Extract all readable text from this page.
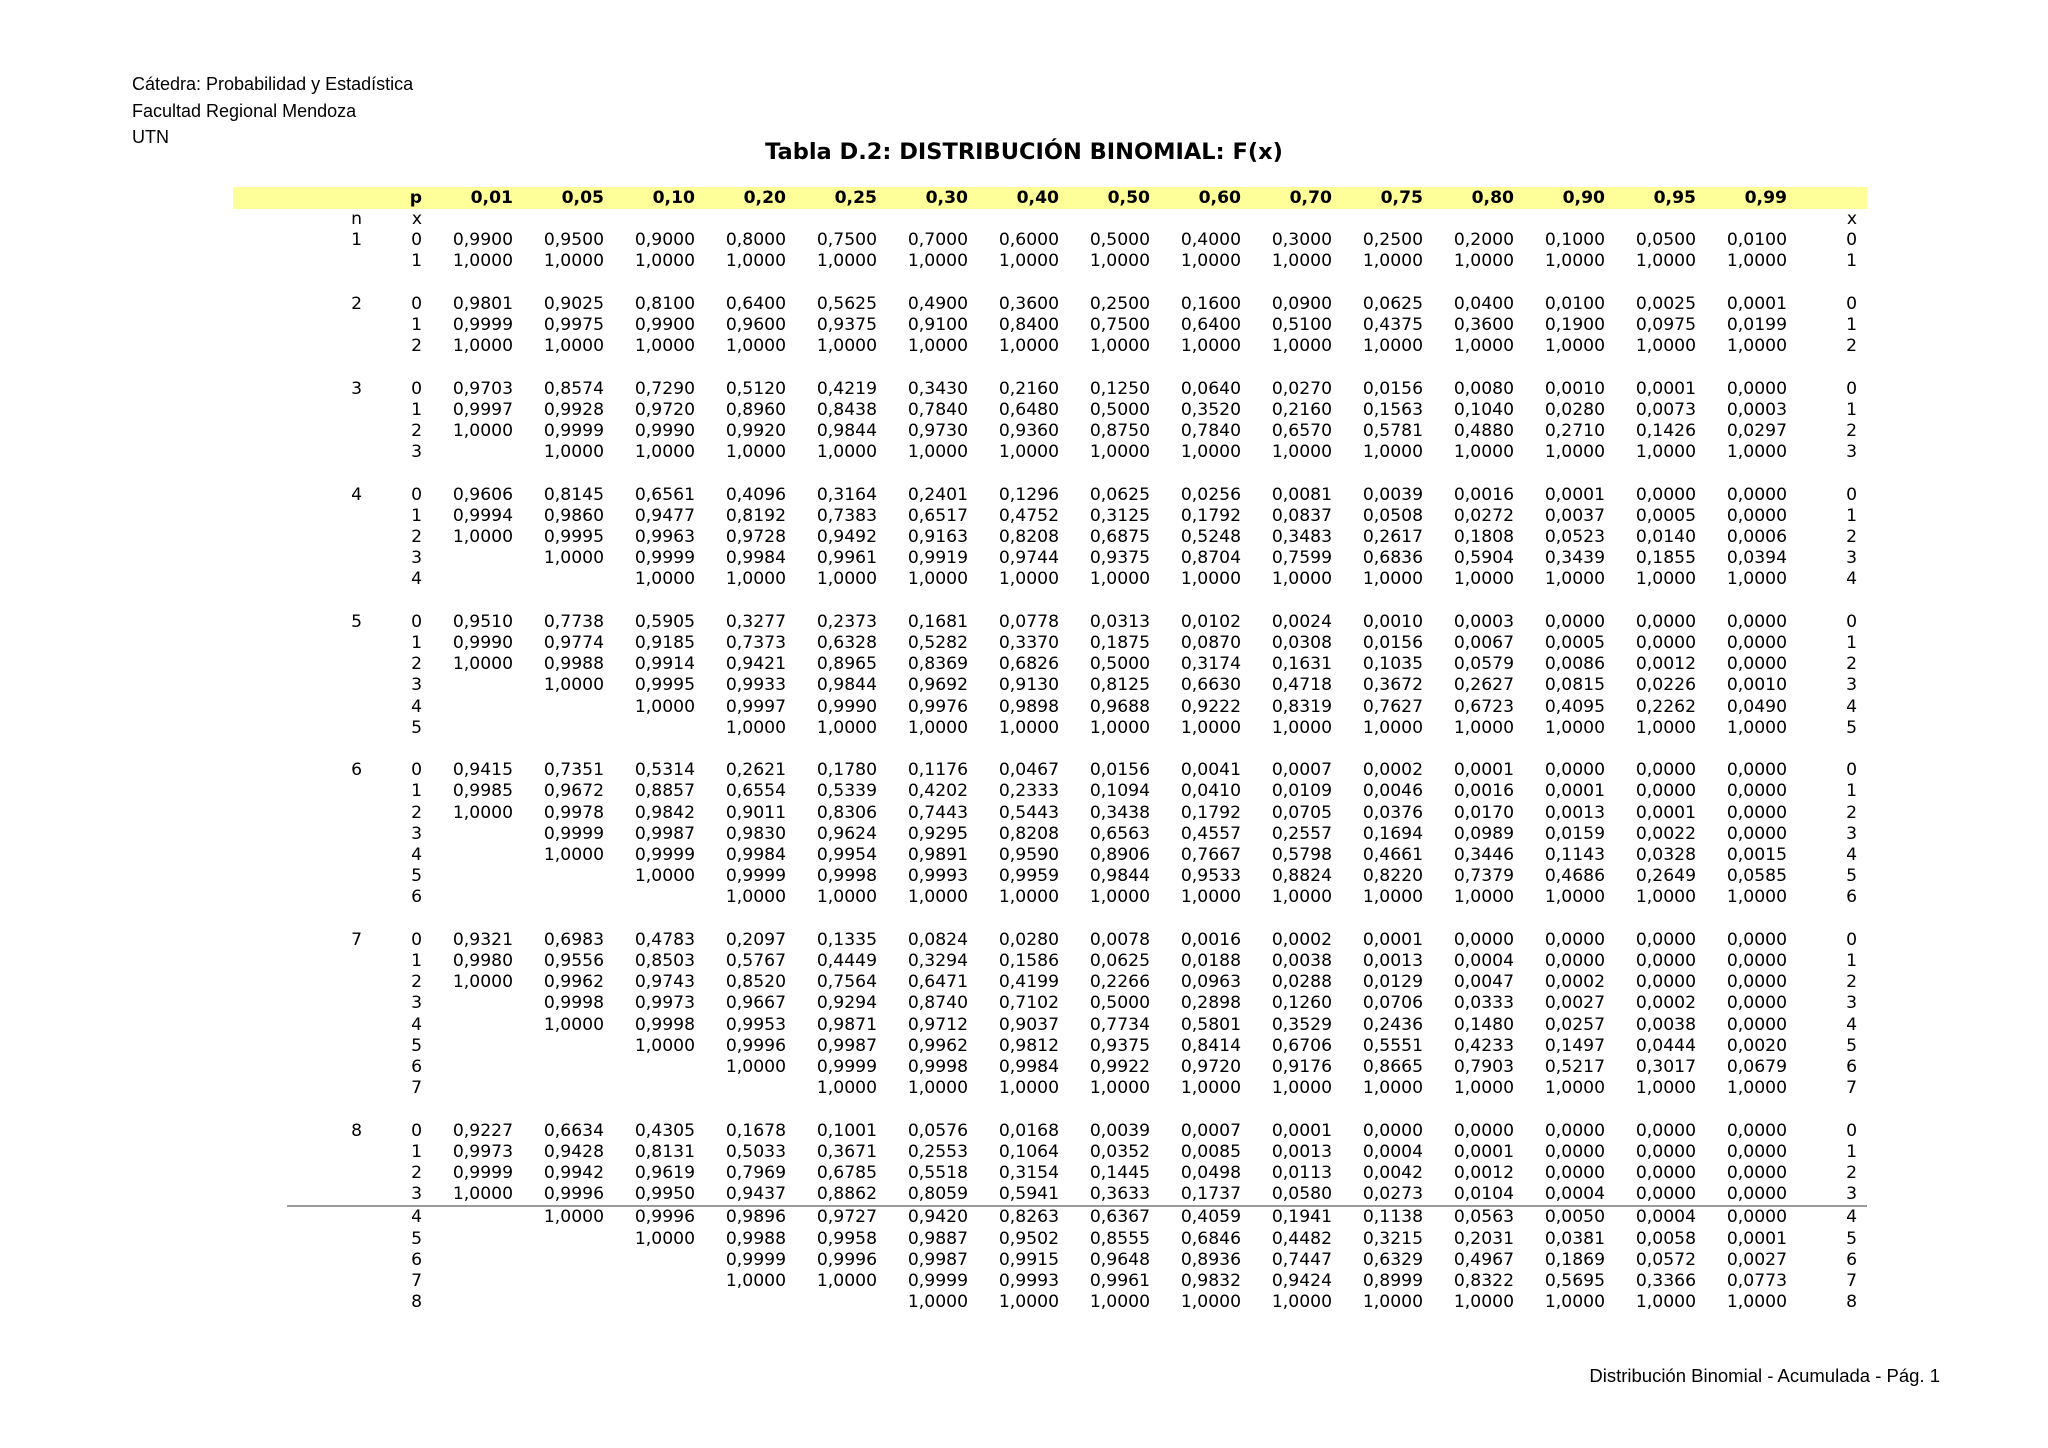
Cátedra: Probabilidad y Estadística
Facultad Regional Mendoza
UTN
Tabla D.2: DISTRIBUCIÓN BINOMIAL: F(x)
		p	0,01	0,05	0,10	0,20	0,25	0,30	0,40	0,50	0,60	0,70	0,75	0,80	0,90	0,95	0,99	
	n	x																x
	1	0	0,9900	0,9500	0,9000	0,8000	0,7500	0,7000	0,6000	0,5000	0,4000	0,3000	0,2500	0,2000	0,1000	0,0500	0,0100	0
		1	1,0000	1,0000	1,0000	1,0000	1,0000	1,0000	1,0000	1,0000	1,0000	1,0000	1,0000	1,0000	1,0000	1,0000	1,0000	1

	2	0	0,9801	0,9025	0,8100	0,6400	0,5625	0,4900	0,3600	0,2500	0,1600	0,0900	0,0625	0,0400	0,0100	0,0025	0,0001	0
		1	0,9999	0,9975	0,9900	0,9600	0,9375	0,9100	0,8400	0,7500	0,6400	0,5100	0,4375	0,3600	0,1900	0,0975	0,0199	1
		2	1,0000	1,0000	1,0000	1,0000	1,0000	1,0000	1,0000	1,0000	1,0000	1,0000	1,0000	1,0000	1,0000	1,0000	1,0000	2

	3	0	0,9703	0,8574	0,7290	0,5120	0,4219	0,3430	0,2160	0,1250	0,0640	0,0270	0,0156	0,0080	0,0010	0,0001	0,0000	0
		1	0,9997	0,9928	0,9720	0,8960	0,8438	0,7840	0,6480	0,5000	0,3520	0,2160	0,1563	0,1040	0,0280	0,0073	0,0003	1
		2	1,0000	0,9999	0,9990	0,9920	0,9844	0,9730	0,9360	0,8750	0,7840	0,6570	0,5781	0,4880	0,2710	0,1426	0,0297	2
		3		1,0000	1,0000	1,0000	1,0000	1,0000	1,0000	1,0000	1,0000	1,0000	1,0000	1,0000	1,0000	1,0000	1,0000	3

	4	0	0,9606	0,8145	0,6561	0,4096	0,3164	0,2401	0,1296	0,0625	0,0256	0,0081	0,0039	0,0016	0,0001	0,0000	0,0000	0
		1	0,9994	0,9860	0,9477	0,8192	0,7383	0,6517	0,4752	0,3125	0,1792	0,0837	0,0508	0,0272	0,0037	0,0005	0,0000	1
		2	1,0000	0,9995	0,9963	0,9728	0,9492	0,9163	0,8208	0,6875	0,5248	0,3483	0,2617	0,1808	0,0523	0,0140	0,0006	2
		3		1,0000	0,9999	0,9984	0,9961	0,9919	0,9744	0,9375	0,8704	0,7599	0,6836	0,5904	0,3439	0,1855	0,0394	3
		4			1,0000	1,0000	1,0000	1,0000	1,0000	1,0000	1,0000	1,0000	1,0000	1,0000	1,0000	1,0000	1,0000	4

	5	0	0,9510	0,7738	0,5905	0,3277	0,2373	0,1681	0,0778	0,0313	0,0102	0,0024	0,0010	0,0003	0,0000	0,0000	0,0000	0
		1	0,9990	0,9774	0,9185	0,7373	0,6328	0,5282	0,3370	0,1875	0,0870	0,0308	0,0156	0,0067	0,0005	0,0000	0,0000	1
		2	1,0000	0,9988	0,9914	0,9421	0,8965	0,8369	0,6826	0,5000	0,3174	0,1631	0,1035	0,0579	0,0086	0,0012	0,0000	2
		3		1,0000	0,9995	0,9933	0,9844	0,9692	0,9130	0,8125	0,6630	0,4718	0,3672	0,2627	0,0815	0,0226	0,0010	3
		4			1,0000	0,9997	0,9990	0,9976	0,9898	0,9688	0,9222	0,8319	0,7627	0,6723	0,4095	0,2262	0,0490	4
		5				1,0000	1,0000	1,0000	1,0000	1,0000	1,0000	1,0000	1,0000	1,0000	1,0000	1,0000	1,0000	5

	6	0	0,9415	0,7351	0,5314	0,2621	0,1780	0,1176	0,0467	0,0156	0,0041	0,0007	0,0002	0,0001	0,0000	0,0000	0,0000	0
		1	0,9985	0,9672	0,8857	0,6554	0,5339	0,4202	0,2333	0,1094	0,0410	0,0109	0,0046	0,0016	0,0001	0,0000	0,0000	1
		2	1,0000	0,9978	0,9842	0,9011	0,8306	0,7443	0,5443	0,3438	0,1792	0,0705	0,0376	0,0170	0,0013	0,0001	0,0000	2
		3		0,9999	0,9987	0,9830	0,9624	0,9295	0,8208	0,6563	0,4557	0,2557	0,1694	0,0989	0,0159	0,0022	0,0000	3
		4		1,0000	0,9999	0,9984	0,9954	0,9891	0,9590	0,8906	0,7667	0,5798	0,4661	0,3446	0,1143	0,0328	0,0015	4
		5			1,0000	0,9999	0,9998	0,9993	0,9959	0,9844	0,9533	0,8824	0,8220	0,7379	0,4686	0,2649	0,0585	5
		6				1,0000	1,0000	1,0000	1,0000	1,0000	1,0000	1,0000	1,0000	1,0000	1,0000	1,0000	1,0000	6

	7	0	0,9321	0,6983	0,4783	0,2097	0,1335	0,0824	0,0280	0,0078	0,0016	0,0002	0,0001	0,0000	0,0000	0,0000	0,0000	0
		1	0,9980	0,9556	0,8503	0,5767	0,4449	0,3294	0,1586	0,0625	0,0188	0,0038	0,0013	0,0004	0,0000	0,0000	0,0000	1
		2	1,0000	0,9962	0,9743	0,8520	0,7564	0,6471	0,4199	0,2266	0,0963	0,0288	0,0129	0,0047	0,0002	0,0000	0,0000	2
		3		0,9998	0,9973	0,9667	0,9294	0,8740	0,7102	0,5000	0,2898	0,1260	0,0706	0,0333	0,0027	0,0002	0,0000	3
		4		1,0000	0,9998	0,9953	0,9871	0,9712	0,9037	0,7734	0,5801	0,3529	0,2436	0,1480	0,0257	0,0038	0,0000	4
		5			1,0000	0,9996	0,9987	0,9962	0,9812	0,9375	0,8414	0,6706	0,5551	0,4233	0,1497	0,0444	0,0020	5
		6				1,0000	0,9999	0,9998	0,9984	0,9922	0,9720	0,9176	0,8665	0,7903	0,5217	0,3017	0,0679	6
		7					1,0000	1,0000	1,0000	1,0000	1,0000	1,0000	1,0000	1,0000	1,0000	1,0000	1,0000	7

	8	0	0,9227	0,6634	0,4305	0,1678	0,1001	0,0576	0,0168	0,0039	0,0007	0,0001	0,0000	0,0000	0,0000	0,0000	0,0000	0
		1	0,9973	0,9428	0,8131	0,5033	0,3671	0,2553	0,1064	0,0352	0,0085	0,0013	0,0004	0,0001	0,0000	0,0000	0,0000	1
		2	0,9999	0,9942	0,9619	0,7969	0,6785	0,5518	0,3154	0,1445	0,0498	0,0113	0,0042	0,0012	0,0000	0,0000	0,0000	2
		3	1,0000	0,9996	0,9950	0,9437	0,8862	0,8059	0,5941	0,3633	0,1737	0,0580	0,0273	0,0104	0,0004	0,0000	0,0000	3
		4		1,0000	0,9996	0,9896	0,9727	0,9420	0,8263	0,6367	0,4059	0,1941	0,1138	0,0563	0,0050	0,0004	0,0000	4
		5			1,0000	0,9988	0,9958	0,9887	0,9502	0,8555	0,6846	0,4482	0,3215	0,2031	0,0381	0,0058	0,0001	5
		6				0,9999	0,9996	0,9987	0,9915	0,9648	0,8936	0,7447	0,6329	0,4967	0,1869	0,0572	0,0027	6
		7				1,0000	1,0000	0,9999	0,9993	0,9961	0,9832	0,9424	0,8999	0,8322	0,5695	0,3366	0,0773	7
		8						1,0000	1,0000	1,0000	1,0000	1,0000	1,0000	1,0000	1,0000	1,0000	1,0000	8
Distribución Binomial - Acumulada - Pág. 1
